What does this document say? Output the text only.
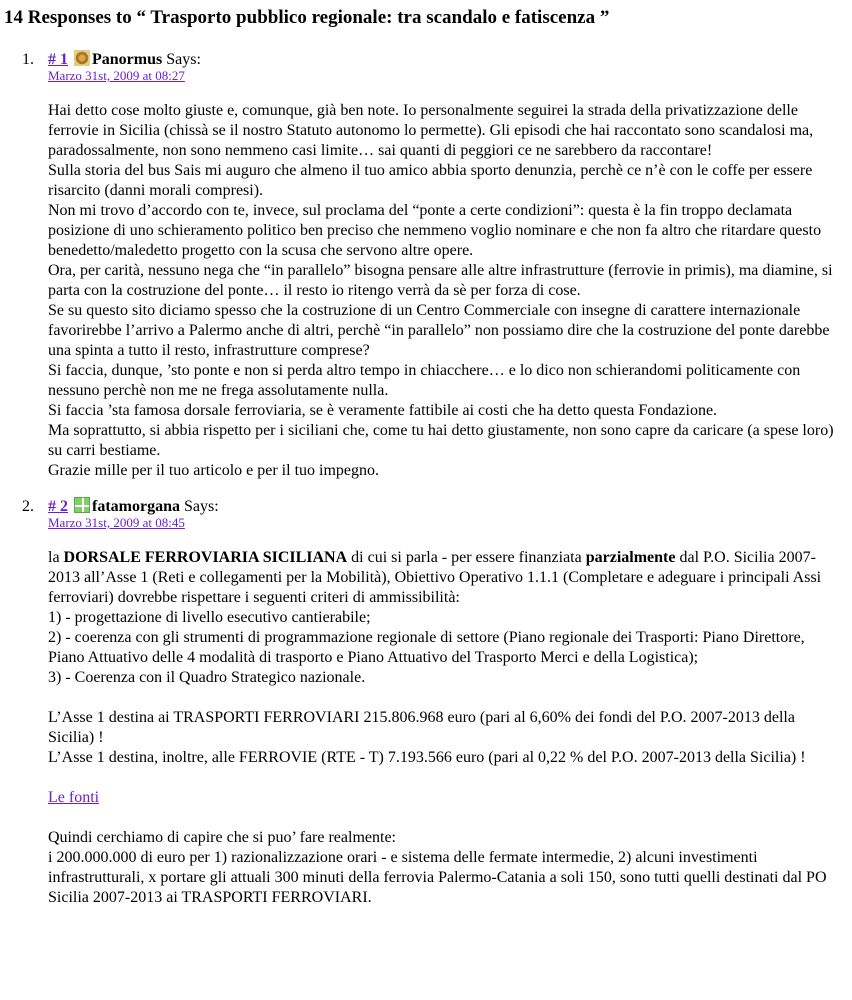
14 Responses to “ Trasporto pubblico regionale: tra scandalo e fatiscenza ”
1. # 1 Panormus Says:
Marzo 31st, 2009 at 08:27

Hai detto cose molto giuste e, comunque, già ben note. Io personalmente seguirei la strada della privatizzazione delle ferrovie in Sicilia (chissà se il nostro Statuto autonomo lo permette). Gli episodi che hai raccontato sono scandalosi ma, paradossalmente, non sono nemmeno casi limite… sai quanti di peggiori ce ne sarebbero da raccontare!

Sulla storia del bus Sais mi auguro che almeno il tuo amico abbia sporto denunzia, perchè ce n’è con le coffe per essere risarcito (danni morali compresi).

Non mi trovo d’accordo con te, invece, sul proclama del “ponte a certe condizioni”: questa è la fin troppo declamata posizione di uno schieramento politico ben preciso che nemmeno voglio nominare e che non fa altro che ritardare questo benedetto/maledetto progetto con la scusa che servono altre opere.

Ora, per carità, nessuno nega che “in parallelo” bisogna pensare alle altre infrastrutture (ferrovie in primis), ma diamine, si parta con la costruzione del ponte… il resto io ritengo verrà da sè per forza di cose.

Se su questo sito diciamo spesso che la costruzione di un Centro Commerciale con insegne di carattere internazionale favorirebbe l’arrivo a Palermo anche di altri, perchè “in parallelo” non possiamo dire che la costruzione del ponte darebbe una spinta a tutto il resto, infrastrutture comprese?

Si faccia, dunque, ’sto ponte e non si perda altro tempo in chiacchere… e lo dico non schierandomi politicamente con nessuno perchè non me ne frega assolutamente nulla.

Si faccia ’sta famosa dorsale ferroviaria, se è veramente fattibile ai costi che ha detto questa Fondazione.

Ma soprattutto, si abbia rispetto per i siciliani che, come tu hai detto giustamente, non sono capre da caricare (a spese loro) su carri bestiame.

Grazie mille per il tuo articolo e per il tuo impegno.

2. # 2 fatamorgana Says:
Marzo 31st, 2009 at 08:45

la DORSALE FERROVIARIA SICILIANA di cui si parla - per essere finanziata parzialmente dal P.O. Sicilia 2007-2013 all’Asse 1 (Reti e collegamenti per la Mobilità), Obiettivo Operativo 1.1.1 (Completare e adeguare i principali Assi ferroviari) dovrebbe rispettare i seguenti criteri di ammissibilità:

1) - progettazione di livello esecutivo cantierabile;

2) - coerenza con gli strumenti di programmazione regionale di settore (Piano regionale dei Trasporti: Piano Direttore, Piano Attuativo delle 4 modalità di trasporto e Piano Attuativo del Trasporto Merci e della Logistica);

3) - Coerenza con il Quadro Strategico nazionale.

L’Asse 1 destina ai TRASPORTI FERROVIARI 215.806.968 euro (pari al 6,60% dei fondi del P.O. 2007-2013 della Sicilia) !

L’Asse 1 destina, inoltre, alle FERROVIE (RTE - T) 7.193.566 euro (pari al 0,22 % del P.O. 2007-2013 della Sicilia) !

Le fonti

Quindi cerchiamo di capire che si puo’ fare realmente:

i 200.000.000 di euro per 1) razionalizzazione orari - e sistema delle fermate intermedie, 2) alcuni investimenti infrastrutturali, x portare gli attuali 300 minuti della ferrovia Palermo-Catania a soli 150, sono tutti quelli destinati dal PO Sicilia 2007-2013 ai TRASPORTI FERROVIARI.
